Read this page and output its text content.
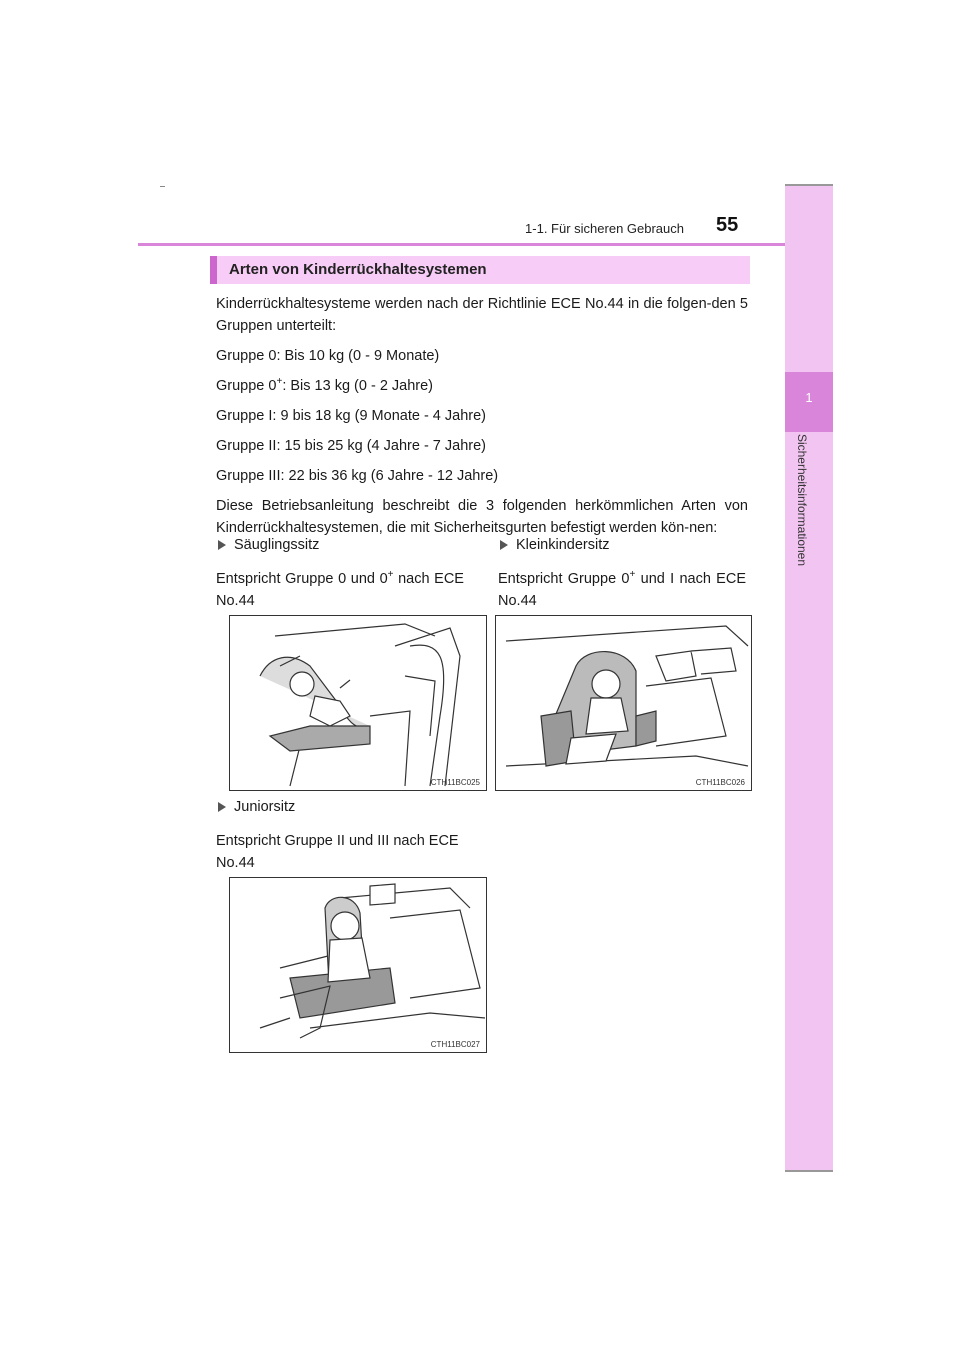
1-1. Für sicheren Gebrauch 55
1
Sicherheitsinformationen
Arten von Kinderrückhaltesystemen

Kinderrückhaltesysteme werden nach der Richtlinie ECE No.44 in die folgen-den 5 Gruppen unterteilt:

Gruppe 0: Bis 10 kg (0 - 9 Monate)

Gruppe 0+: Bis 13 kg (0 - 2 Jahre)

Gruppe I: 9 bis 18 kg (9 Monate - 4 Jahre)

Gruppe II: 15 bis 25 kg (4 Jahre - 7 Jahre)

Gruppe III: 22 bis 36 kg (6 Jahre - 12 Jahre)

Diese Betriebsanleitung beschreibt die 3 folgenden herkömmlichen Arten von Kinderrückhaltesystemen, die mit Sicherheitsgurten befestigt werden kön-nen:

Säuglingssitz

Entspricht Gruppe 0 und 0+ nach ECE No.44

Kleinkindersitz

Entspricht Gruppe 0+ und I nach ECE No.44

CTH11BC025	CTH11BC026
Juniorsitz

Entspricht Gruppe II und III nach ECE No.44

CTH11BC027
